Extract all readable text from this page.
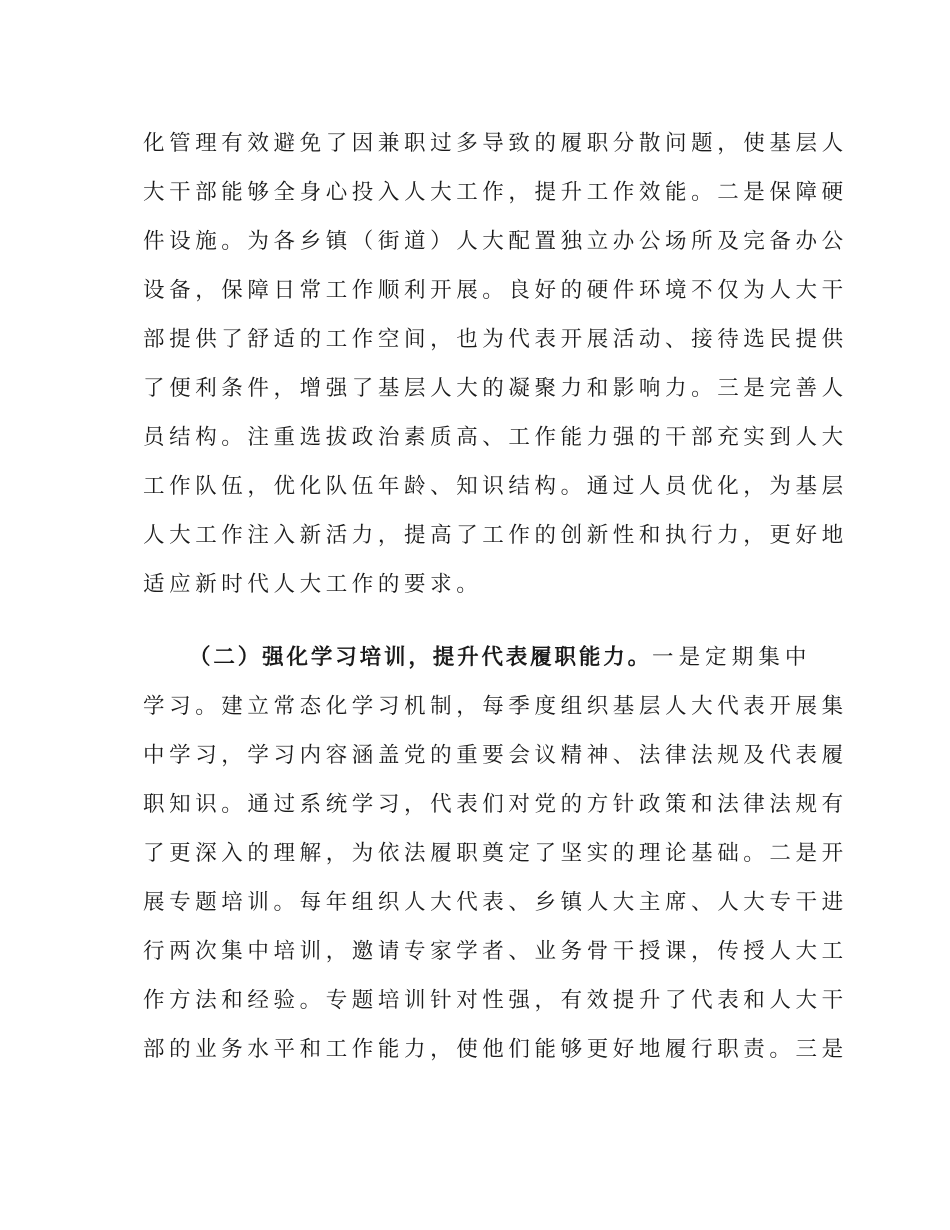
化管理有效避免了因兼职过多导致的履职分散问题，使基层人
大干部能够全身心投入人大工作，提升工作效能。二是保障硬
件设施。为各乡镇（街道）人大配置独立办公场所及完备办公
设备，保障日常工作顺利开展。良好的硬件环境不仅为人大干
部提供了舒适的工作空间，也为代表开展活动、接待选民提供
了便利条件，增强了基层人大的凝聚力和影响力。三是完善人
员结构。注重选拔政治素质高、工作能力强的干部充实到人大
工作队伍，优化队伍年龄、知识结构。通过人员优化，为基层
人大工作注入新活力，提高了工作的创新性和执行力，更好地
适应新时代人大工作的要求。
（二）强化学习培训，提升代表履职能力。一是定期集中
学习。建立常态化学习机制，每季度组织基层人大代表开展集
中学习，学习内容涵盖党的重要会议精神、法律法规及代表履
职知识。通过系统学习，代表们对党的方针政策和法律法规有
了更深入的理解，为依法履职奠定了坚实的理论基础。二是开
展专题培训。每年组织人大代表、乡镇人大主席、人大专干进
行两次集中培训，邀请专家学者、业务骨干授课，传授人大工
作方法和经验。专题培训针对性强，有效提升了代表和人大干
部的业务水平和工作能力，使他们能够更好地履行职责。三是
